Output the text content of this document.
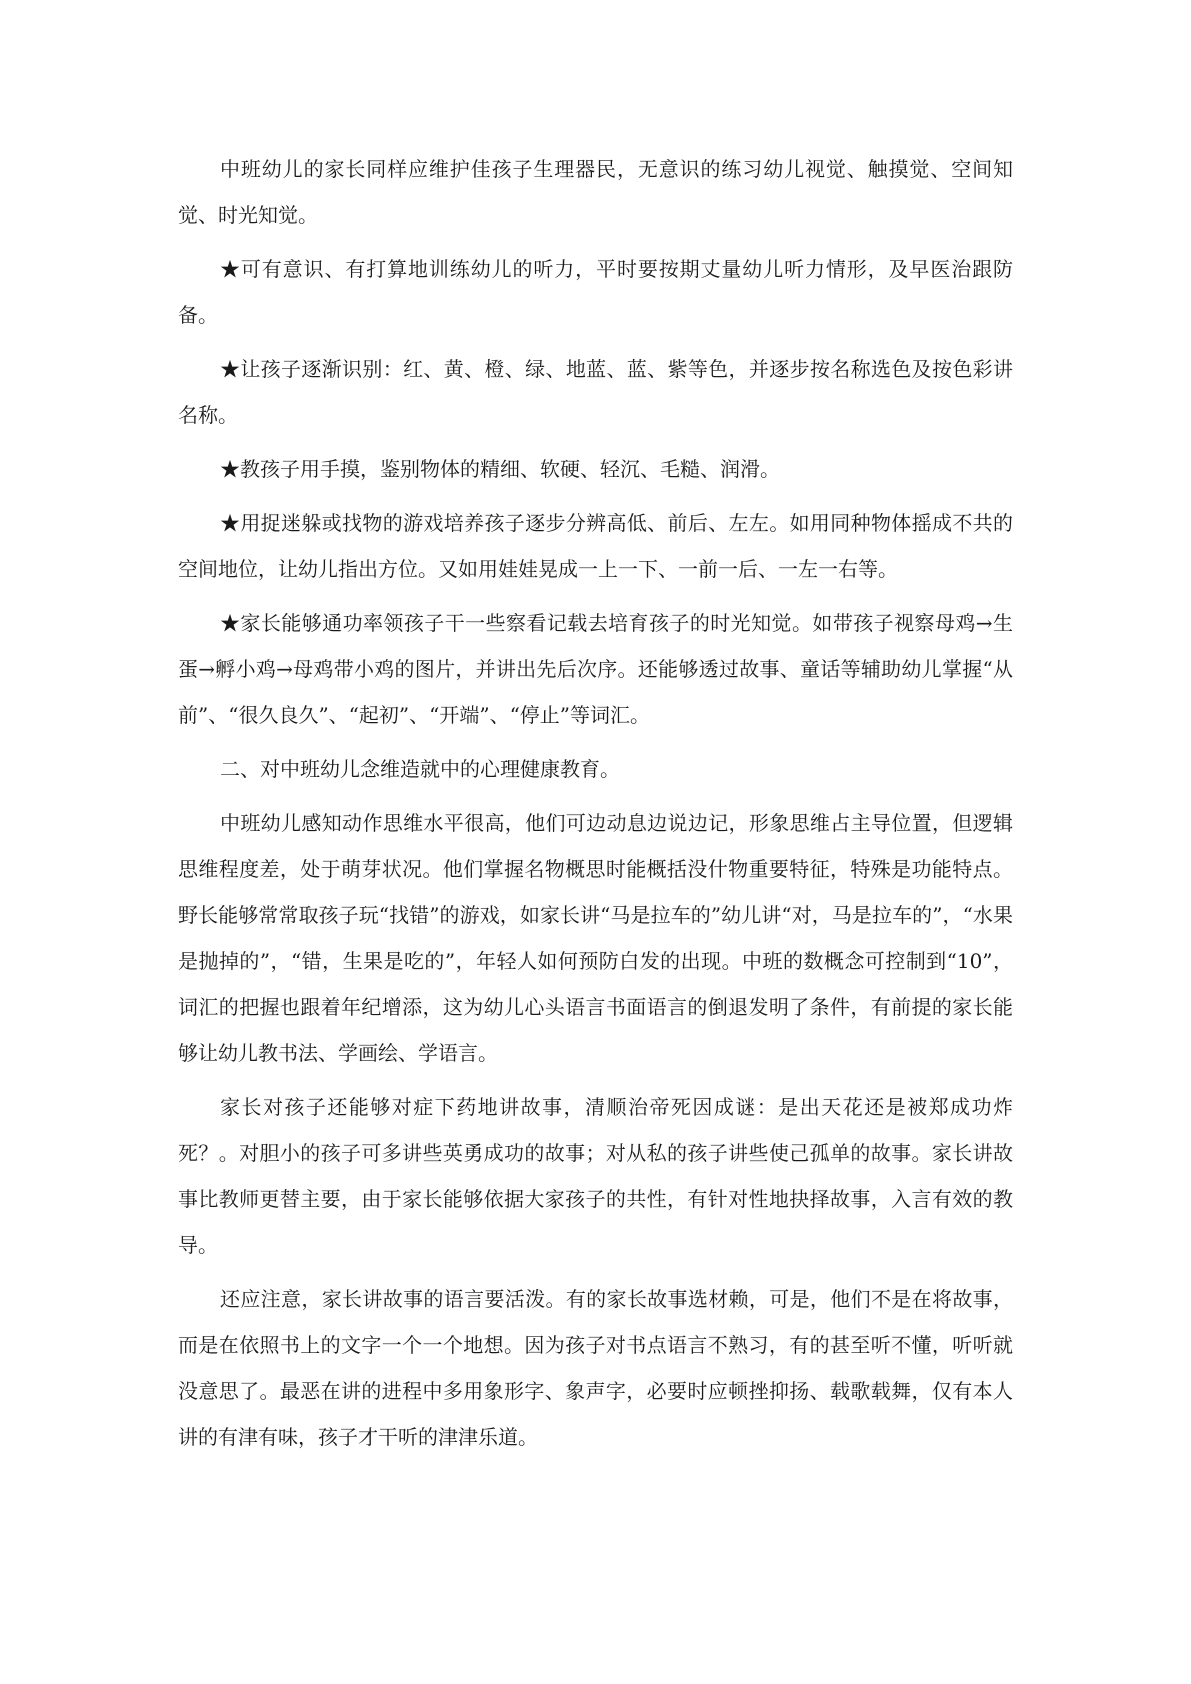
中班幼儿的家长同样应维护佳孩子生理器民，无意识的练习幼儿视觉、触摸觉、空间知觉、时光知觉。

★可有意识、有打算地训练幼儿的听力，平时要按期丈量幼儿听力情形，及早医治跟防备。

★让孩子逐渐识别：红、黄、橙、绿、地蓝、蓝、紫等色，并逐步按名称选色及按色彩讲名称。

★教孩子用手摸，鉴别物体的精细、软硬、轻沉、毛糙、润滑。

★用捉迷躲或找物的游戏培养孩子逐步分辨高低、前后、左左。如用同种物体摇成不共的空间地位，让幼儿指出方位。又如用娃娃晃成一上一下、一前一后、一左一右等。

★家长能够通功率领孩子干一些察看记载去培育孩子的时光知觉。如带孩子视察母鸡→生蛋→孵小鸡→母鸡带小鸡的图片，并讲出先后次序。还能够透过故事、童话等辅助幼儿掌握“从前”、“很久良久”、“起初”、“开端”、“停止”等词汇。

二、对中班幼儿念维造就中的心理健康教育。

中班幼儿感知动作思维水平很高，他们可边动息边说边记，形象思维占主导位置，但逻辑思维程度差，处于萌芽状况。他们掌握名物概思时能概括没什物重要特征，特殊是功能特点。野长能够常常取孩子玩“找错”的游戏，如家长讲“马是拉车的”幼儿讲“对，马是拉车的”，“水果是抛掉的”，“错，生果是吃的”，年轻人如何预防白发的出现。中班的数概念可控制到“10”，词汇的把握也跟着年纪增添，这为幼儿心头语言书面语言的倒退发明了条件，有前提的家长能够让幼儿教书法、学画绘、学语言。

家长对孩子还能够对症下药地讲故事，清顺治帝死因成谜：是出天花还是被郑成功炸死？。对胆小的孩子可多讲些英勇成功的故事；对从私的孩子讲些使己孤单的故事。家长讲故事比教师更替主要，由于家长能够依据大家孩子的共性，有针对性地抉择故事，入言有效的教导。

还应注意，家长讲故事的语言要活泼。有的家长故事选材赖，可是，他们不是在将故事，而是在依照书上的文字一个一个地想。因为孩子对书点语言不熟习，有的甚至听不懂，听听就没意思了。最恶在讲的进程中多用象形字、象声字，必要时应顿挫抑扬、载歌载舞，仅有本人讲的有津有味，孩子才干听的津津乐道。
